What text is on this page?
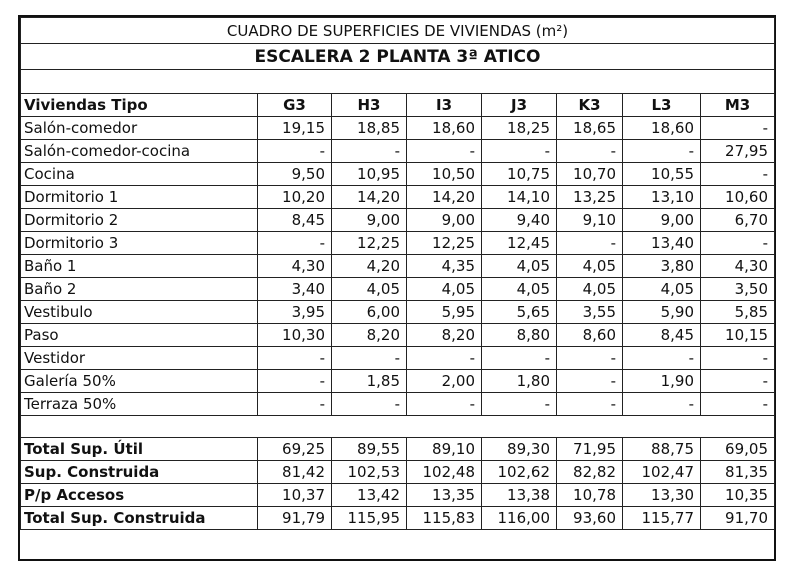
CUADRO DE SUPERFICIES DE VIVIENDAS (m²)							
ESCALERA 2 PLANTA 3ª ATICO							

Viviendas Tipo	G3	H3	I3	J3	K3	L3	M3
Salón-comedor	19,15	18,85	18,60	18,25	18,65	18,60	-
Salón-comedor-cocina	-	-	-	-	-	-	27,95
Cocina	9,50	10,95	10,50	10,75	10,70	10,55	-
Dormitorio 1	10,20	14,20	14,20	14,10	13,25	13,10	10,60
Dormitorio 2	8,45	9,00	9,00	9,40	9,10	9,00	6,70
Dormitorio 3	-	12,25	12,25	12,45	-	13,40	-
Baño 1	4,30	4,20	4,35	4,05	4,05	3,80	4,30
Baño 2	3,40	4,05	4,05	4,05	4,05	4,05	3,50
Vestibulo	3,95	6,00	5,95	5,65	3,55	5,90	5,85
Paso	10,30	8,20	8,20	8,80	8,60	8,45	10,15
Vestidor	-	-	-	-	-	-	-
Galería 50%	-	1,85	2,00	1,80	-	1,90	-
Terraza 50%	-	-	-	-	-	-	-

Total Sup. Útil	69,25	89,55	89,10	89,30	71,95	88,75	69,05
Sup. Construida	81,42	102,53	102,48	102,62	82,82	102,47	81,35
P/p Accesos	10,37	13,42	13,35	13,38	10,78	13,30	10,35
Total Sup. Construida	91,79	115,95	115,83	116,00	93,60	115,77	91,70
